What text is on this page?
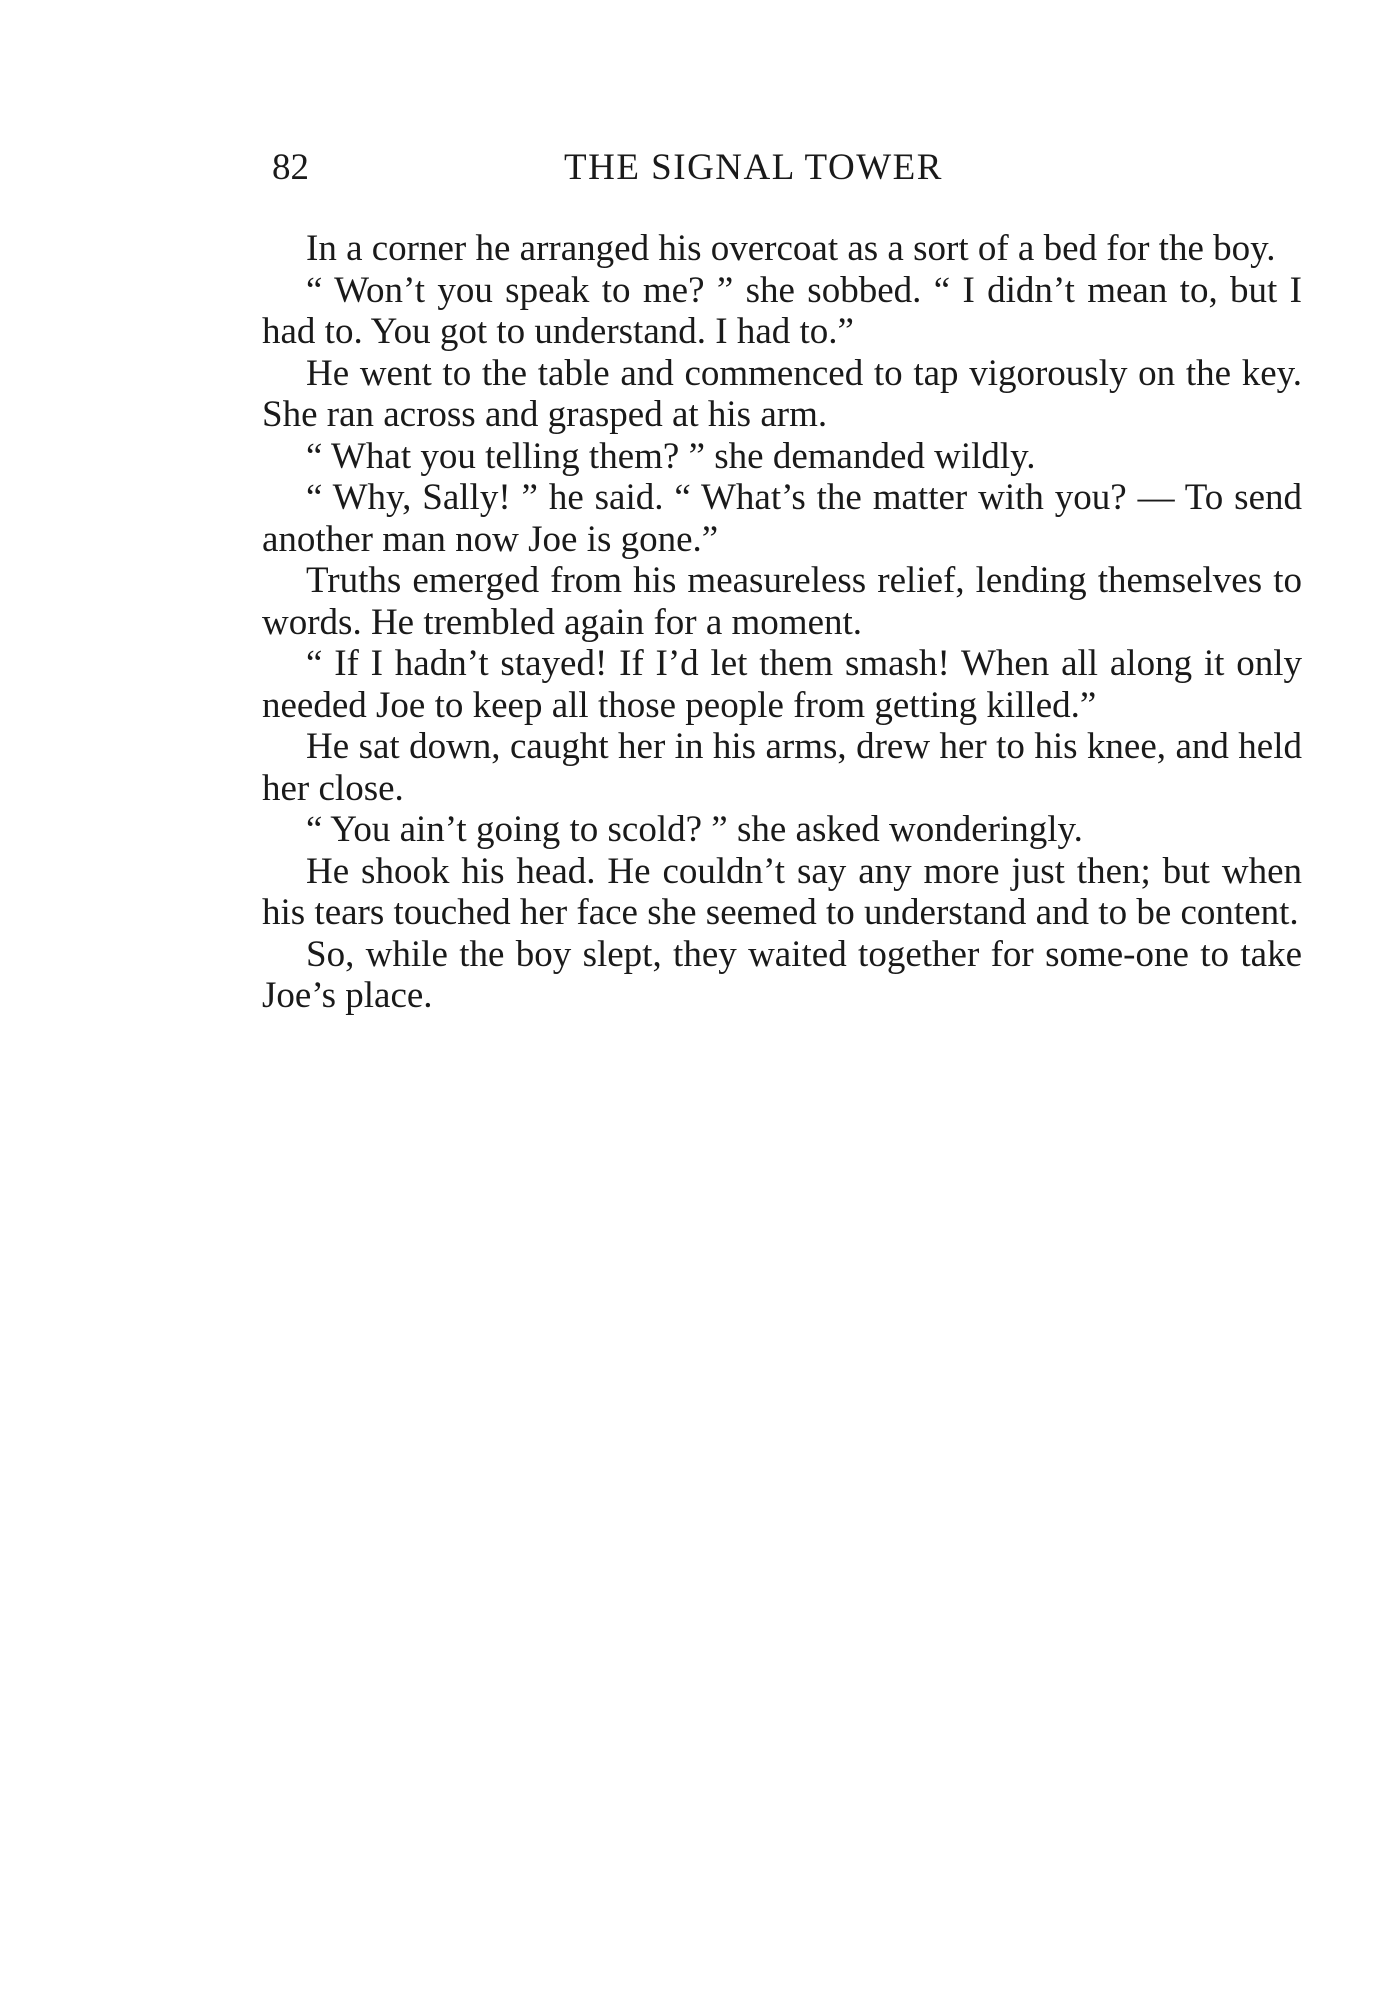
82	THE SIGNAL TOWER

In a corner he arranged his overcoat as a sort of a bed for the boy.

“ Won’t you speak to me? ” she sobbed. “ I didn’t mean to, but I had to. You got to understand. I had to.”

He went to the table and commenced to tap vigorously on the key. She ran across and grasped at his arm.

“ What you telling them? ” she demanded wildly.

“ Why, Sally! ” he said. “ What’s the matter with you? — To send another man now Joe is gone.”

Truths emerged from his measureless relief, lending themselves to words. He trembled again for a moment.

“ If I hadn’t stayed! If I’d let them smash! When all along it only needed Joe to keep all those people from getting killed.”

He sat down, caught her in his arms, drew her to his knee, and held her close.

“ You ain’t going to scold? ” she asked wonderingly.

He shook his head. He couldn’t say any more just then; but when his tears touched her face she seemed to understand and to be content.

So, while the boy slept, they waited together for some-one to take Joe’s place.
